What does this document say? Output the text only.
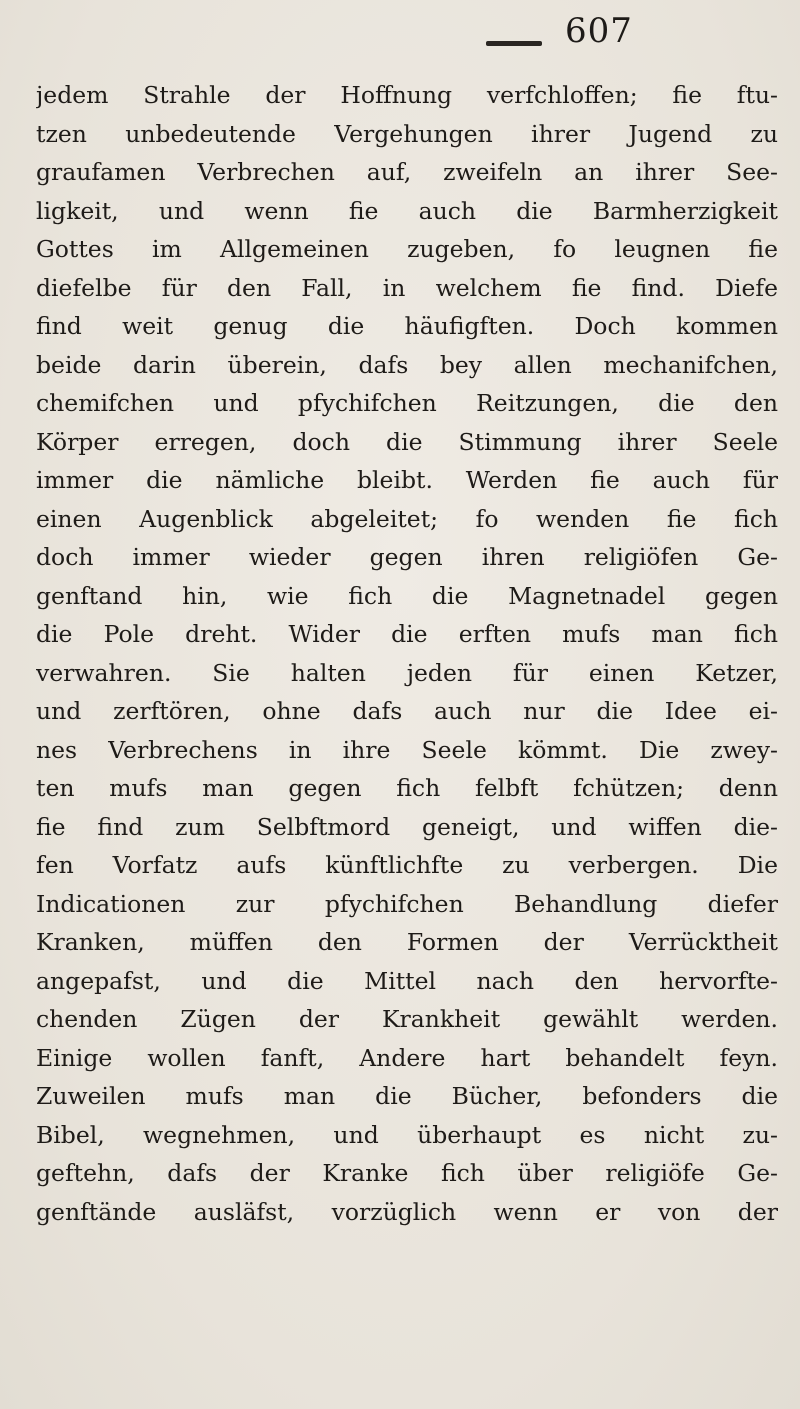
607
jedem Strahle der Hoffnung verfchloffen; fie ftu-
tzen unbedeutende Vergehungen ihrer Jugend zu
graufamen Verbrechen auf, zweifeln an ihrer See-
ligkeit, und wenn fie auch die Barmherzigkeit
Gottes im Allgemeinen zugeben, fo leugnen fie
diefelbe für den Fall, in welchem fie find. Diefe
find weit genug die häufigften. Doch kommen
beide darin überein, dafs bey allen mechanifchen,
chemifchen und pfychifchen Reitzungen, die den
Körper erregen, doch die Stimmung ihrer Seele
immer die nämliche bleibt. Werden fie auch für
einen Augenblick abgeleitet; fo wenden fie fich
doch immer wieder gegen ihren religiöfen Ge-
genftand hin, wie fich die Magnetnadel gegen
die Pole dreht. Wider die erften mufs man fich
verwahren. Sie halten jeden für einen Ketzer,
und zerftören, ohne dafs auch nur die Idee ei-
nes Verbrechens in ihre Seele kömmt. Die zwey-
ten mufs man gegen fich felbft fchützen; denn
fie find zum Selbftmord geneigt, und wiffen die-
fen Vorfatz aufs künftlichfte zu verbergen. Die
Indicationen zur pfychifchen Behandlung diefer
Kranken, müffen den Formen der Verrücktheit
angepafst, und die Mittel nach den hervorfte-
chenden Zügen der Krankheit gewählt werden.
Einige wollen fanft, Andere hart behandelt feyn.
Zuweilen mufs man die Bücher, befonders die
Bibel, wegnehmen, und überhaupt es nicht zu-
geftehn, dafs der Kranke fich über religiöfe Ge-
genftände ausläfst, vorzüglich wenn er von der
